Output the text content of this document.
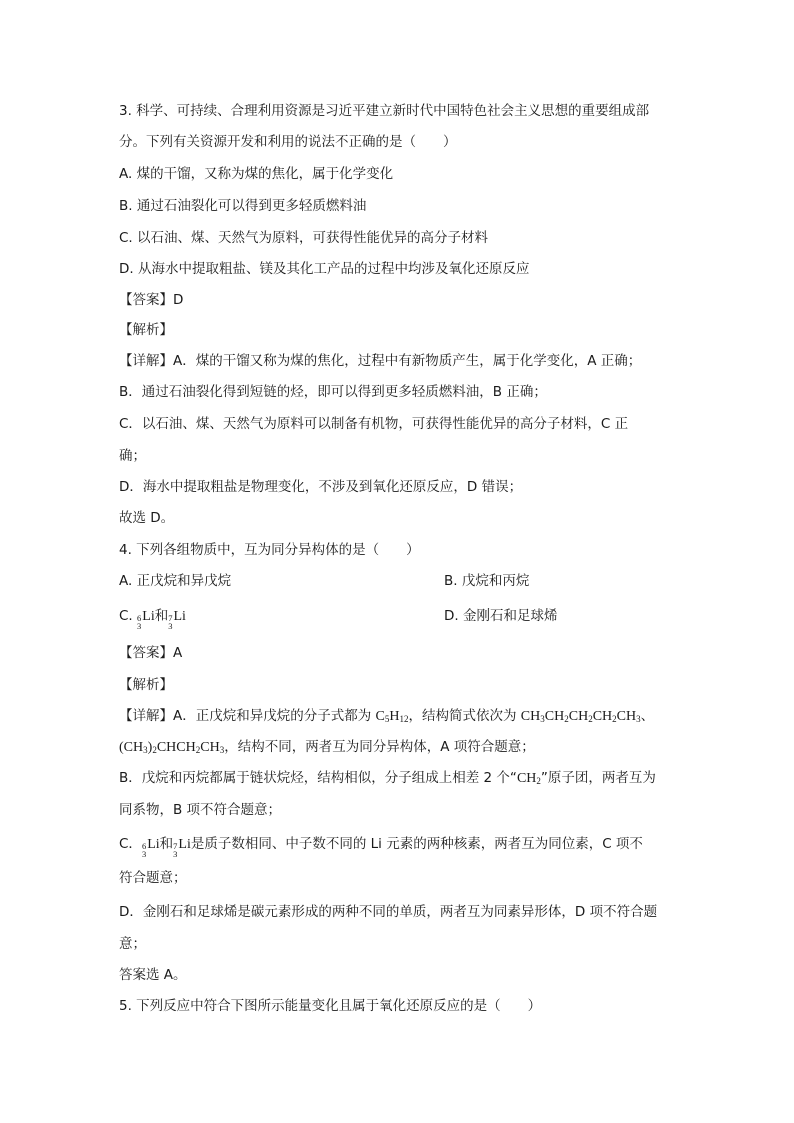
3. 科学、可持续、合理利用资源是习近平建立新时代中国特色社会主义思想的重要组成部
分。下列有关资源开发和利用的说法不正确的是（　　）
A. 煤的干馏，又称为煤的焦化，属于化学变化
B. 通过石油裂化可以得到更多轻质燃料油
C. 以石油、煤、天然气为原料，可获得性能优异的高分子材料
D. 从海水中提取粗盐、镁及其化工产品的过程中均涉及氧化还原反应
【答案】D
【解析】
【详解】A．煤的干馏又称为煤的焦化，过程中有新物质产生，属于化学变化，A 正确；
B．通过石油裂化得到短链的烃，即可以得到更多轻质燃料油，B 正确；
C．以石油、煤、天然气为原料可以制备有机物，可获得性能优异的高分子材料，C 正
确；
D．海水中提取粗盐是物理变化，不涉及到氧化还原反应，D 错误；
故选 D。
4. 下列各组物质中，互为同分异构体的是（　　）
A. 正戊烷和异戊烷	B. 戊烷和丙烷
C. 6
3
Li和 7
3
Li	D. 金刚石和足球烯
【答案】A
【解析】
【详解】A．正戊烷和异戊烷的分子式都为 $C_5H_{12}$，结构简式依次为 $CH_3CH_2CH_2CH_2CH_3$、
$(CH_3)_2CHCH_2CH_3$，结构不同，两者互为同分异构体，A 项符合题意；
B．戊烷和丙烷都属于链状烷烃，结构相似，分子组成上相差 2 个“$CH_2$”原子团，两者互为
同系物，B 项不符合题意；
C． 6
3
Li和 7
3
Li是质子数相同、中子数不同的 Li 元素的两种核素，两者互为同位素，C 项不
符合题意；
D．金刚石和足球烯是碳元素形成的两种不同的单质，两者互为同素异形体，D 项不符合题
意；
答案选 A。
5. 下列反应中符合下图所示能量变化且属于氧化还原反应的是（　　）
